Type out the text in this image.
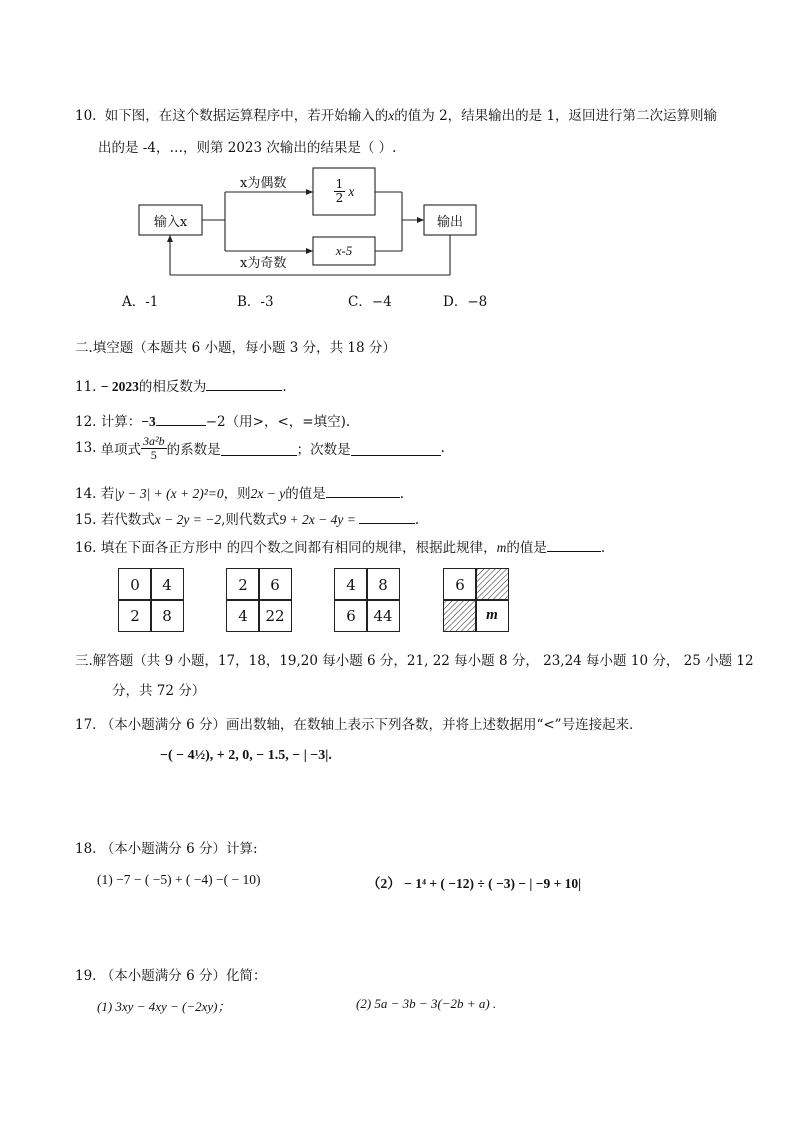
10. 如下图，在这个数据运算程序中，若开始输入的x的值为 2，结果输出的是 1，返回进行第二次运算则输
出的是 -4，…，则第 2023 次输出的结果是（ ）.
输入x
x为偶数
x为奇数
$\frac{1}{2}$ x
x-5
输出
A．-1	B．-3	C．−4	D．−8
二.填空题（本题共 6 小题，每小题 3 分，共 18 分）
11. − 2023的相反数为	.
12. 计算：−3	−2（用>，<，=填空).
13. 单项式 $\frac{\text{3a²b}}{5}$ 的系数是	；次数是	.
14. 若|y − 3| + (x + 2)²=0，则2x − y的值是	.
15. 若代数式x − 2y = −2,则代数式9 + 2x − 4y =	.
16. 填在下面各正方形中 的四个数之间都有相同的规律，根据此规律，m的值是	.
0	4
2	8
2	6
4	22
4	8
6	44
6
m
三.解答题（共 9 小题，17，18，19,20 每小题 6 分，21, 22 每小题 8 分， 23,24 每小题 10 分， 25 小题 12
分，共 72 分）
17. （本小题满分 6 分）画出数轴，在数轴上表示下列各数，并将上述数据用“<”号连接起来．
−( − 4½), + 2, 0, − 1.5, − | −3|.
18. （本小题满分 6 分）计算:
(1) −7 − ( −5) + ( −4) −( − 10)	（2） − 1⁴ + ( −12) ÷ ( −3) − | −9 + 10|
19. （本小题满分 6 分）化简：
(1) 3xy − 4xy − (−2xy)；	(2) 5a − 3b − 3(−2b + a) .
